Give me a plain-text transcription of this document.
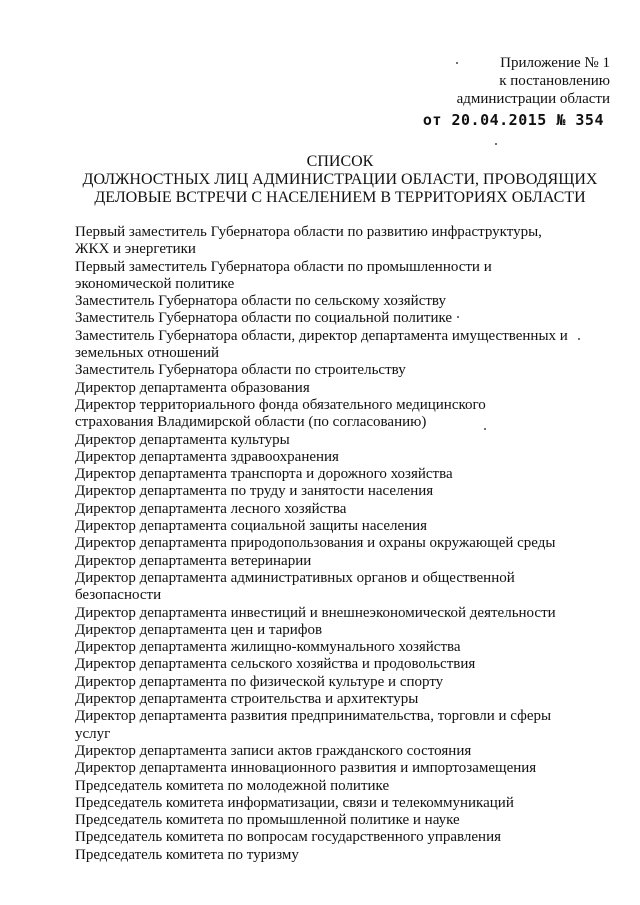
Приложение № 1
к постановлению
администрации области
от 20.04.2015 № 354
СПИСОК
ДОЛЖНОСТНЫХ ЛИЦ АДМИНИСТРАЦИИ ОБЛАСТИ, ПРОВОДЯЩИХ
ДЕЛОВЫЕ ВСТРЕЧИ С НАСЕЛЕНИЕМ В ТЕРРИТОРИЯХ ОБЛАСТИ
Первый заместитель Губернатора области по развитию инфраструктуры,
ЖКХ и энергетики
Первый заместитель Губернатора области по промышленности и
экономической политике
Заместитель Губернатора области по сельскому хозяйству
Заместитель Губернатора области по социальной политике
Заместитель Губернатора области, директор департамента имущественных и
земельных отношений
Заместитель Губернатора области по строительству
Директор департамента образования
Директор территориального фонда обязательного медицинского
страхования Владимирской области (по согласованию)
Директор департамента культуры
Директор департамента здравоохранения
Директор департамента транспорта и дорожного хозяйства
Директор департамента по труду и занятости населения
Директор департамента лесного хозяйства
Директор департамента социальной защиты населения
Директор департамента природопользования и охраны окружающей среды
Директор департамента ветеринарии
Директор департамента административных органов и общественной
безопасности
Директор департамента инвестиций и внешнеэкономической деятельности
Директор департамента цен и тарифов
Директор департамента жилищно-коммунального хозяйства
Директор департамента сельского хозяйства и продовольствия
Директор департамента по физической культуре и спорту
Директор департамента строительства и архитектуры
Директор департамента развития предпринимательства, торговли и сферы
услуг
Директор департамента записи актов гражданского состояния
Директор департамента инновационного развития и импортозамещения
Председатель комитета по молодежной политике
Председатель комитета информатизации, связи и телекоммуникаций
Председатель комитета по промышленной политике и науке
Председатель комитета по вопросам государственного управления
Председатель комитета по туризму
